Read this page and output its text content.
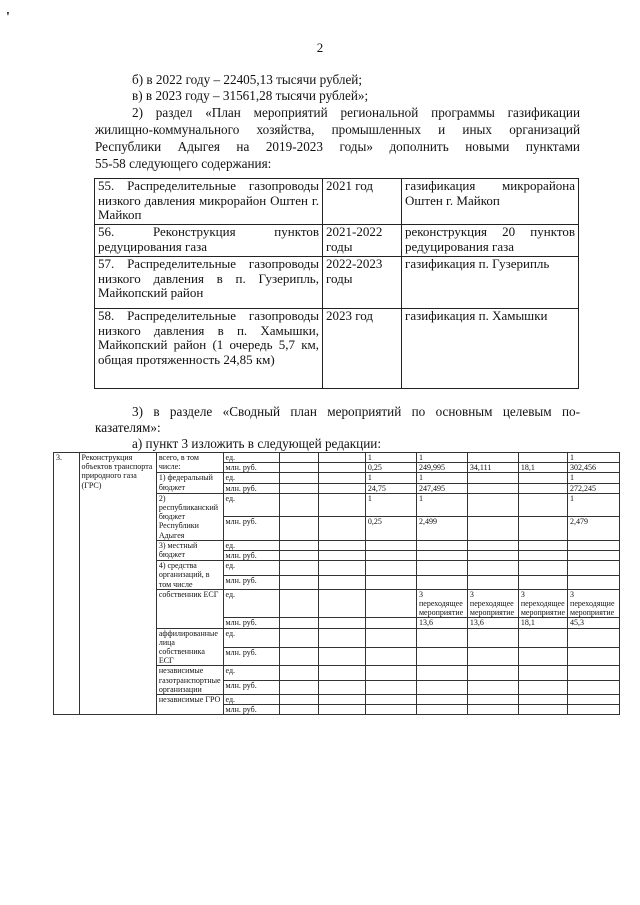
'
2
б) в 2022 году – 22405,13 тысячи рублей;
в) в 2023 году – 31561,28 тысячи рублей»;
2) раздел «План мероприятий региональной программы газификации
жилищно-коммунального хозяйства, промышленных и иных организаций
Республики Адыгея на 2019-2023 годы» дополнить новыми пунктами
55-58 следующего содержания:
55. Распределительные газопроводы низкого давления микрорайон Оштен г. Майкоп	2021 год	газификация микрорайона Оштен г. Майкоп
56. Реконструкция пунктов редуцирования газа	2021-2022 годы	реконструкция 20 пунктов редуцирования газа
57. Распределительные газопроводы низкого давления в п. Гузерипль, Майкопский район	2022-2023 годы	газификация п. Гузерипль
58. Распределительные газопроводы низкого давления в п. Хамышки, Майкопский район (1 очередь 5,7 км, общая протяженность 24,85 км)	2023 год	газификация п. Хамышки
3) в разделе «Сводный план мероприятий по основным целевым по-
казателям»:
а) пункт 3 изложить в следующей редакции:
3.	Реконструкция объектов транспорта природного газа (ГРС)	всего, в том числе:	ед.			1	1			1
			млн. руб.			0,25	249,995	34,111	18,1	302,456
		1) федеральный бюджет	ед.			1	1			1
			млн. руб.			24,75	247,495			272,245
		2) республиканский бюджет Республики Адыгея	ед.			1	1			1
			млн. руб.			0,25	2,499			2,479
		3) местный бюджет	ед.							
			млн. руб.							
		4) средства организаций, в том числе	ед.							
			млн. руб.							
		собственник ЕСГ	ед.				3 переходящее мероприятие	3 переходящее мероприятие	3 переходящее мероприятие	3 переходящие мероприятие
			млн. руб.				13,6	13,6	18,1	45,3
		аффилированные лица собственника ЕСГ	ед.							
			млн. руб.							
		независимые газотранспортные организации	ед.							
			млн. руб.							
		независимые ГРО	ед.							
			млн. руб.							
